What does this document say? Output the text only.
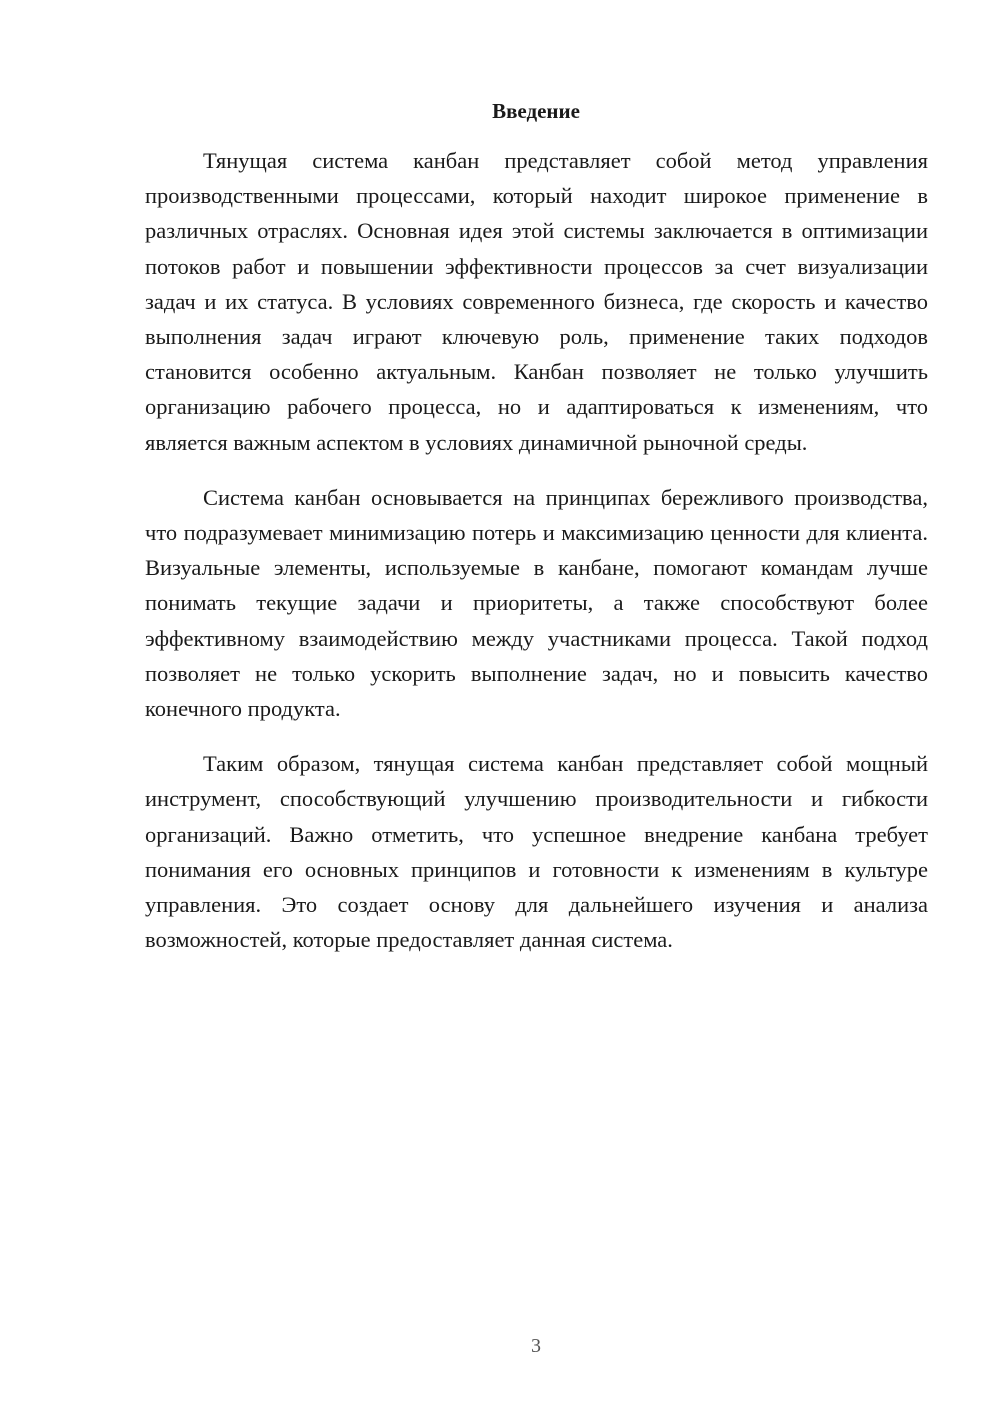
Введение

Тянущая система канбан представляет собой метод управления производственными процессами, который находит широкое применение в различных отраслях. Основная идея этой системы заключается в оптимизации потоков работ и повышении эффективности процессов за счет визуализации задач и их статуса. В условиях современного бизнеса, где скорость и качество выполнения задач играют ключевую роль, применение таких подходов становится особенно актуальным. Канбан позволяет не только улучшить организацию рабочего процесса, но и адаптироваться к изменениям, что является важным аспектом в условиях динамичной рыночной среды.

Система канбан основывается на принципах бережливого производства, что подразумевает минимизацию потерь и максимизацию ценности для клиента. Визуальные элементы, используемые в канбане, помогают командам лучше понимать текущие задачи и приоритеты, а также способствуют более эффективному взаимодействию между участниками процесса. Такой подход позволяет не только ускорить выполнение задач, но и повысить качество конечного продукта.

Таким образом, тянущая система канбан представляет собой мощный инструмент, способствующий улучшению производительности и гибкости организаций. Важно отметить, что успешное внедрение канбана требует понимания его основных принципов и готовности к изменениям в культуре управления. Это создает основу для дальнейшего изучения и анализа возможностей, которые предоставляет данная система.

3
